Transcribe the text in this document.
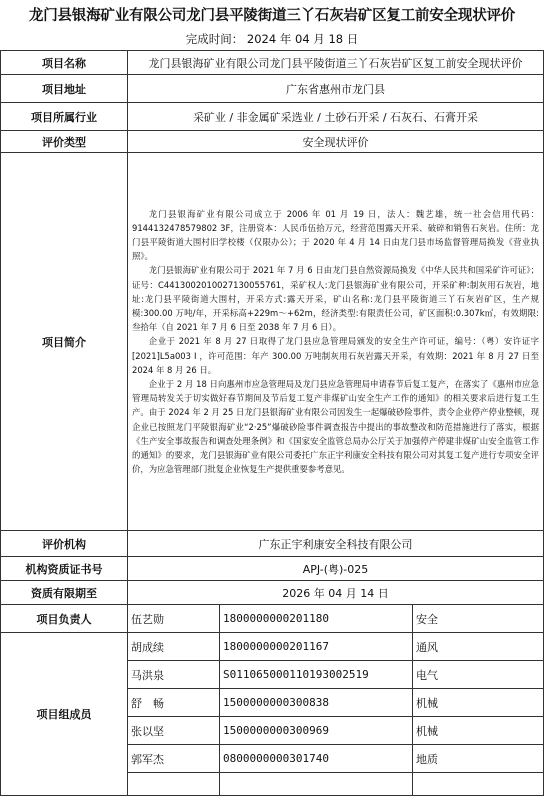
龙门县银海矿业有限公司龙门县平陵街道三丫石灰岩矿区复工前安全现状评价
完成时间： 2024 年 04 月 18 日
项目名称	龙门县银海矿业有限公司龙门县平陵街道三丫石灰岩矿区复工前安全现状评价		
项目地址	广东省惠州市龙门县		
项目所属行业	采矿业 / 非金属矿采选业 / 土砂石开采 / 石灰石、石膏开采		
评价类型	安全现状评价		
项目简介	龙门县银海矿业有限公司成立于 2006 年 01 月 19 日，法人：魏艺雄，统一社会信用代码：9144132478579802 3F，注册资本：人民币伍拾万元，经营范围露天开采、破碎和销售石灰岩。住所：龙门县平陵街道大围村旧学校楼（仅限办公）；于 2020 年 4 月 14 日由龙门县市场监督管理局换发《营业执照》。

龙门县银海矿业有限公司于 2021 年 7 月 6 日由龙门县自然资源局换发《中华人民共和国采矿许可证》；证号：C4413002010027130055761，采矿权人:龙门县银海矿业有限公司，开采矿种:制灰用石灰岩，地址:龙门县平陵街道大围村，开采方式:露天开采，矿山名称:龙门县平陵街道三丫石灰岩矿区，生产规模:300.00 万吨/年，开采标高+229m～+62m，经济类型:有限责任公司，矿区面积:0.307k㎡，有效期限:叁拾年（自 2021 年 7 月 6 日至 2038 年 7 月 6 日）。

企业于 2021 年 8 月 27 日取得了龙门县应急管理局颁发的安全生产许可证，编号：（粤）安许证字[2021]L5a003 I ，许可范围：年产 300.00 万吨制灰用石灰岩露天开采，有效期：2021 年 8 月 27 日至 2024 年 8 月 26 日。

企业于 2 月 18 日向惠州市应急管理局及龙门县应急管理局申请春节后复工复产，在落实了《惠州市应急管理局转发关于切实做好春节期间及节后复工复产非煤矿山安全生产工作的通知》的相关要求后进行复工生产。由于 2024 年 2 月 25 日龙门县银海矿业有限公司因发生一起爆破砂险事件，责令企业停产停业整顿，现企业已按照龙门平陵银海矿业“2·25”爆破砂险事件调查报告中提出的事故整改和防范措施进行了落实，根据《生产安全事故报告和调查处理条例》和《国家安全监管总局办公厅关于加强停产停建非煤矿山安全监管工作的通知》的要求，龙门县银海矿业有限公司委托广东正宇利康安全科技有限公司对其复工复产进行专项安全评价，为应急管理部门批复企业恢复生产提供重要参考意见。		

评价机构	广东正宇利康安全科技有限公司		
机构资质证书号	APJ-(粤)-025		
资质有限期至	2026 年 04 月 14 日		
项目负责人	伍艺勋	1800000000201180	安全
项目组成员	胡成续	1800000000201167	通风
	马洪泉	S011065000110193002519	电气
	舒　畅	1500000000300838	机械
	张以坚	1500000000300969	机械
	郭军杰	0800000000301740	地质
